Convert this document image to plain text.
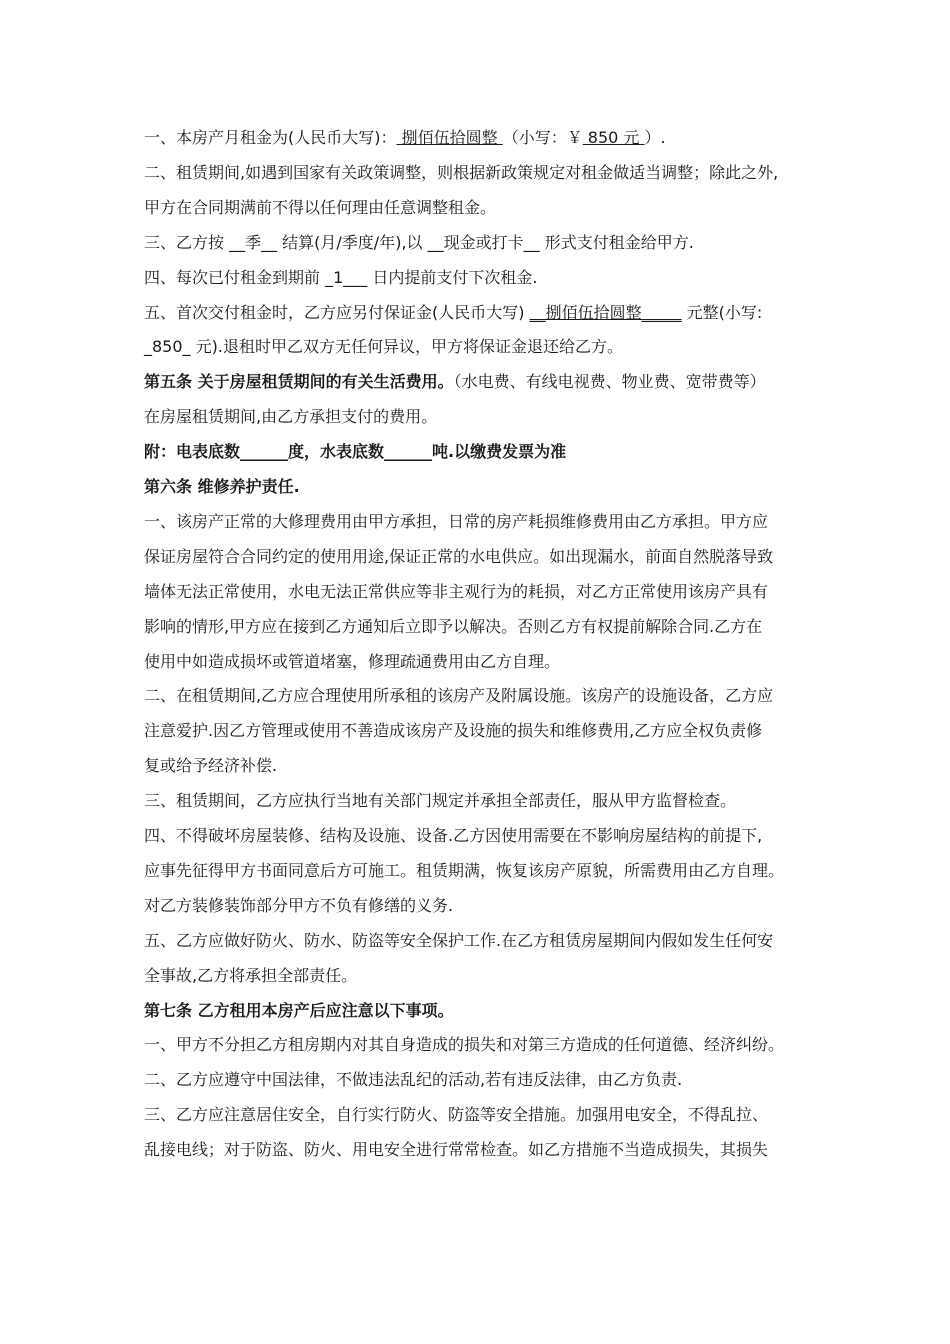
一、本房产月租金为(人民币大写)： 捌佰伍拾圆整 （小写：￥ 850 元 ）.
二、租赁期间,如遇到国家有关政策调整，则根据新政策规定对租金做适当调整；除此之外,
甲方在合同期满前不得以任何理由任意调整租金。
三、乙方按 __季__ 结算(月/季度/年),以 __现金或打卡__ 形式支付租金给甲方.
四、每次已付租金到期前 _1___ 日内提前支付下次租金.
五、首次交付租金时，乙方应另付保证金(人民币大写) __捌佰伍拾圆整_____ 元整(小写:
_850_ 元).退租时甲乙双方无任何异议，甲方将保证金退还给乙方。
第五条 关于房屋租赁期间的有关生活费用。（水电费、有线电视费、物业费、宽带费等）
在房屋租赁期间,由乙方承担支付的费用。
附：电表底数______度，水表底数______吨.以缴费发票为准
第六条 维修养护责任.
一、该房产正常的大修理费用由甲方承担，日常的房产耗损维修费用由乙方承担。甲方应
保证房屋符合合同约定的使用用途,保证正常的水电供应。如出现漏水，前面自然脱落导致
墙体无法正常使用，水电无法正常供应等非主观行为的耗损，对乙方正常使用该房产具有
影响的情形,甲方应在接到乙方通知后立即予以解决。否则乙方有权提前解除合同.乙方在
使用中如造成损坏或管道堵塞，修理疏通费用由乙方自理。
二、在租赁期间,乙方应合理使用所承租的该房产及附属设施。该房产的设施设备，乙方应
注意爱护.因乙方管理或使用不善造成该房产及设施的损失和维修费用,乙方应全权负责修
复或给予经济补偿.
三、租赁期间，乙方应执行当地有关部门规定并承担全部责任，服从甲方监督检查。
四、不得破坏房屋装修、结构及设施、设备.乙方因使用需要在不影响房屋结构的前提下,
应事先征得甲方书面同意后方可施工。租赁期满，恢复该房产原貌，所需费用由乙方自理。
对乙方装修装饰部分甲方不负有修缮的义务.
五、乙方应做好防火、防水、防盗等安全保护工作.在乙方租赁房屋期间内假如发生任何安
全事故,乙方将承担全部责任。
第七条 乙方租用本房产后应注意以下事项。
一、甲方不分担乙方租房期内对其自身造成的损失和对第三方造成的任何道德、经济纠纷。
二、乙方应遵守中国法律，不做违法乱纪的活动,若有违反法律，由乙方负责.
三、乙方应注意居住安全，自行实行防火、防盗等安全措施。加强用电安全，不得乱拉、
乱接电线；对于防盗、防火、用电安全进行常常检查。如乙方措施不当造成损失，其损失
